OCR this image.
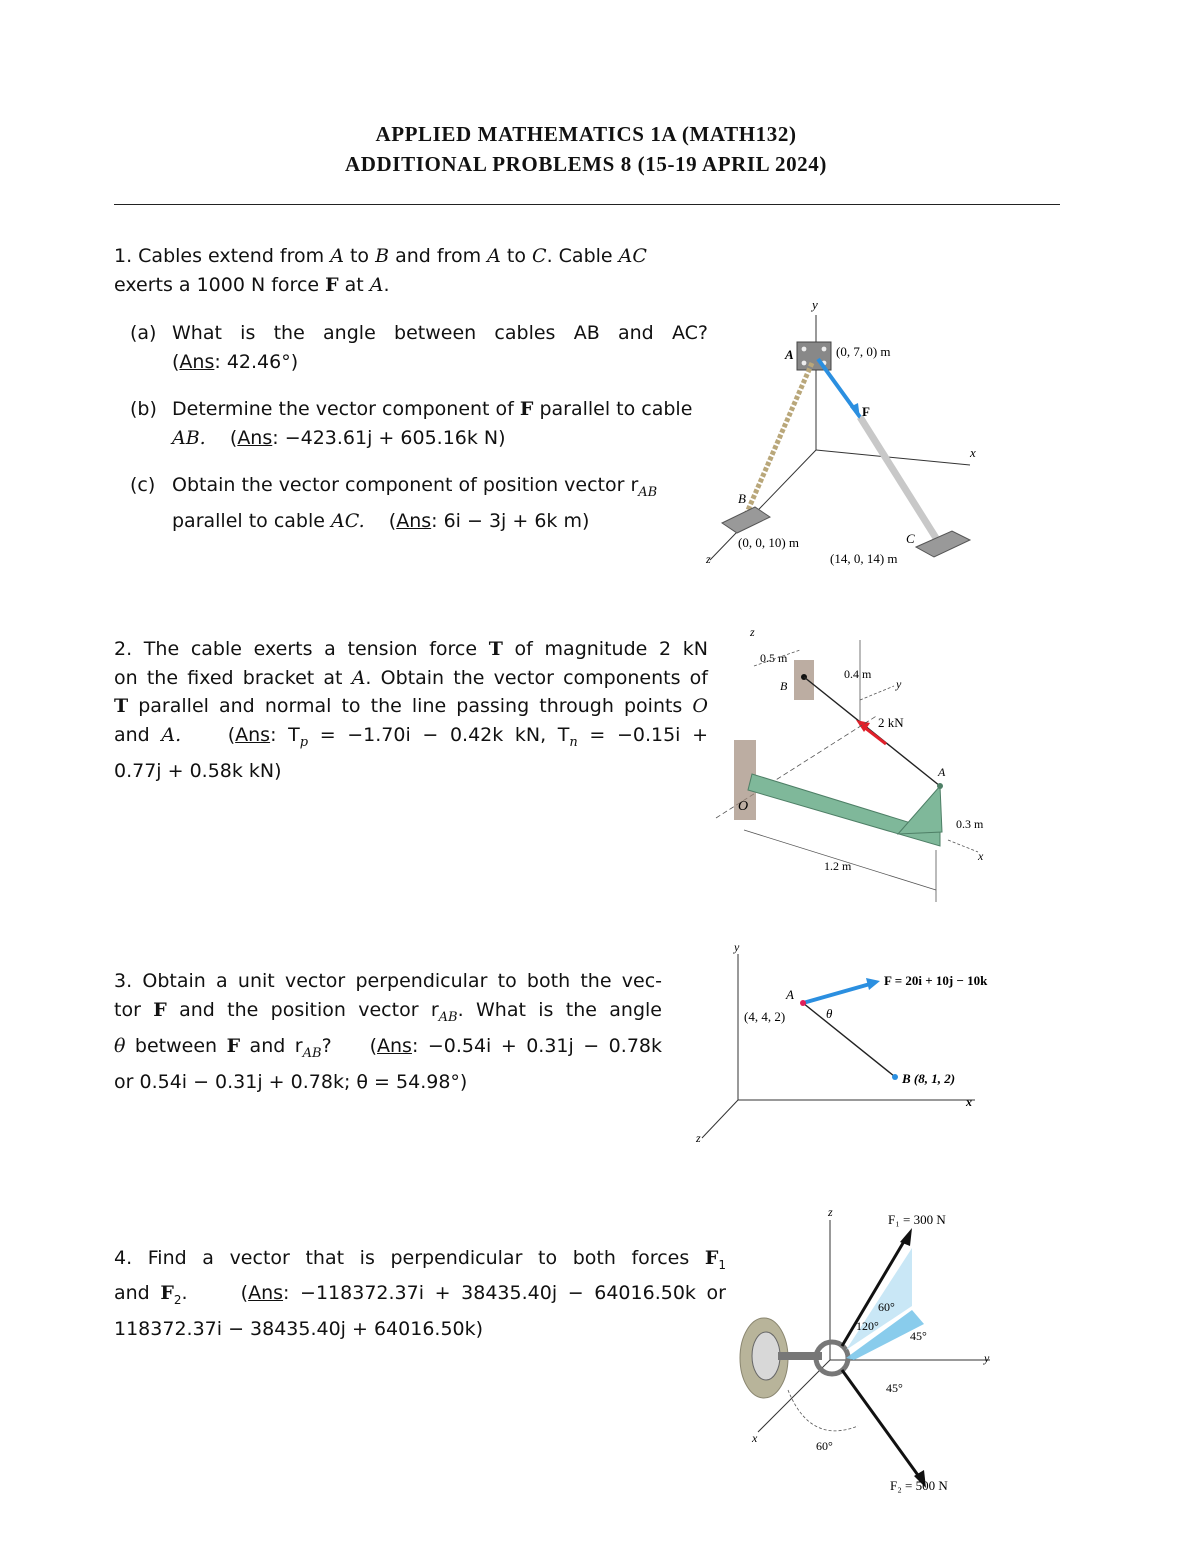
APPLIED MATHEMATICS 1A (MATH132)
ADDITIONAL PROBLEMS 8 (15-19 APRIL 2024)
1. Cables extend from A to B and from A to C. Cable AC
exerts a 1000 N force F at A.
(a) What is the angle between cables AB and AC?
(Ans: 42.46°)
(b) Determine the vector component of F parallel to cable
AB.    (Ans: −423.61j + 605.16k N)
(c) Obtain the vector component of position vector $r_{AB}$
parallel to cable AC.    (Ans: 6i − 3j + 6k m)
y
x
z
A
B
C
F
(0, 7, 0) m
(0, 0, 10) m
(14, 0, 14) m
2. The cable exerts a tension force T of magnitude 2 kN
on the fixed bracket at A. Obtain the vector components of
T parallel and normal to the line passing through points O
and A.    (Ans: $T_p = -1.70i - 0.42k$ kN, $T_n = -0.15i$ +
0.77j + 0.58k kN)
z
0.5 m
B
0.4 m
y
2 kN
O
A
0.3 m
x
1.2 m
3. Obtain a unit vector perpendicular to both the vec-
tor F and the position vector $r_{AB}$. What is the angle
θ between F and $r_{AB}$?    (Ans: −0.54i + 0.31j − 0.78k
or 0.54i − 0.31j + 0.78k; θ = 54.98°)
y
x
z
A
(4, 4, 2)	θ
F = 20i + 10j − 10k
B (8, 1, 2)
4. Find a vector that is perpendicular to both forces $F_1$
and $F_2$.     (Ans: −118372.37i + 38435.40j − 64016.50k or
118372.37i − 38435.40j + 64016.50k)
z
y
x
F₁ = 300 N
F₂ = 500 N
60°
120°
45°
45°
60°
